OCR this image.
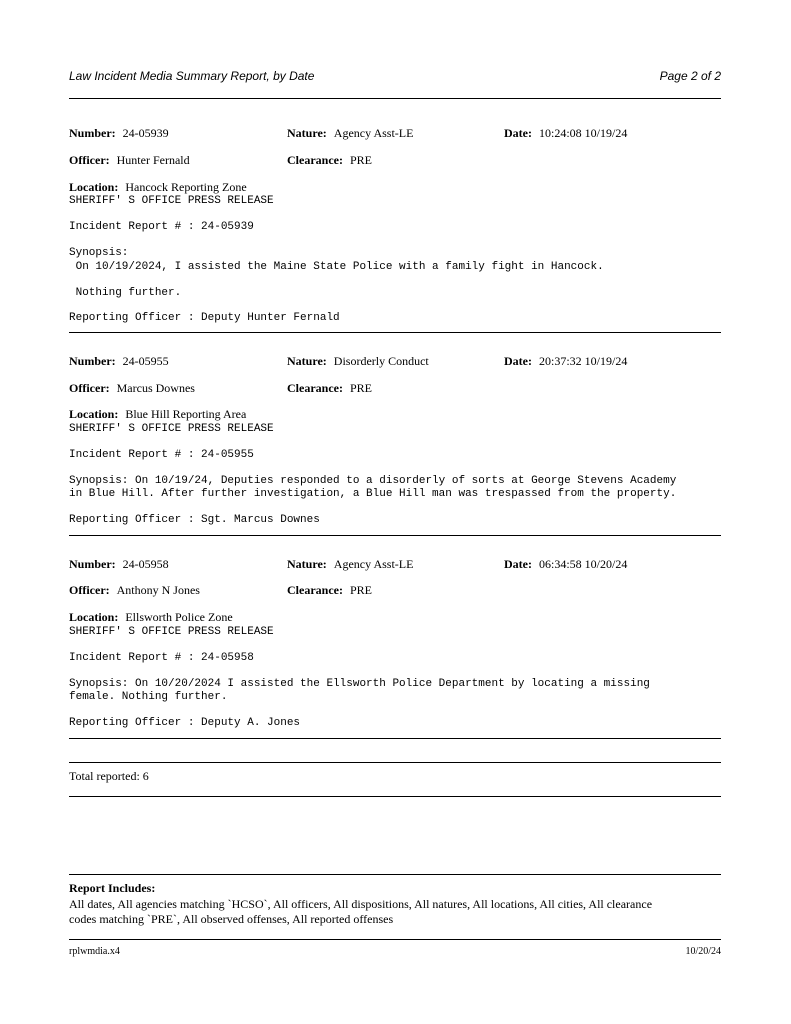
Law Incident Media Summary Report, by Date	Page 2 of 2
Number: 24-05939	Nature: Agency Asst-LE	Date: 10:24:08 10/19/24
Officer: Hunter Fernald	Clearance: PRE
Location: Hancock Reporting Zone
SHERIFF' S OFFICE PRESS RELEASE
Incident Report # : 24-05939
Synopsis:
On 10/19/2024, I assisted the Maine State Police with a family fight in Hancock.
Nothing further.
Reporting Officer : Deputy Hunter Fernald
Number: 24-05955	Nature: Disorderly Conduct	Date: 20:37:32 10/19/24
Officer: Marcus Downes	Clearance: PRE
Location: Blue Hill Reporting Area
SHERIFF' S OFFICE PRESS RELEASE
Incident Report # : 24-05955
Synopsis: On 10/19/24, Deputies responded to a disorderly of sorts at George Stevens Academy
in Blue Hill. After further investigation, a Blue Hill man was trespassed from the property.
Reporting Officer : Sgt. Marcus Downes
Number: 24-05958	Nature: Agency Asst-LE	Date: 06:34:58 10/20/24
Officer: Anthony N Jones	Clearance: PRE
Location: Ellsworth Police Zone
SHERIFF' S OFFICE PRESS RELEASE
Incident Report # : 24-05958
Synopsis: On 10/20/2024 I assisted the Ellsworth Police Department by locating a missing
female. Nothing further.
Reporting Officer : Deputy A. Jones
Total reported: 6
Report Includes:
All dates, All agencies matching `HCSO`, All officers, All dispositions, All natures, All locations, All cities, All clearance
codes matching `PRE`, All observed offenses, All reported offenses
rplwmdia.x4	10/20/24
